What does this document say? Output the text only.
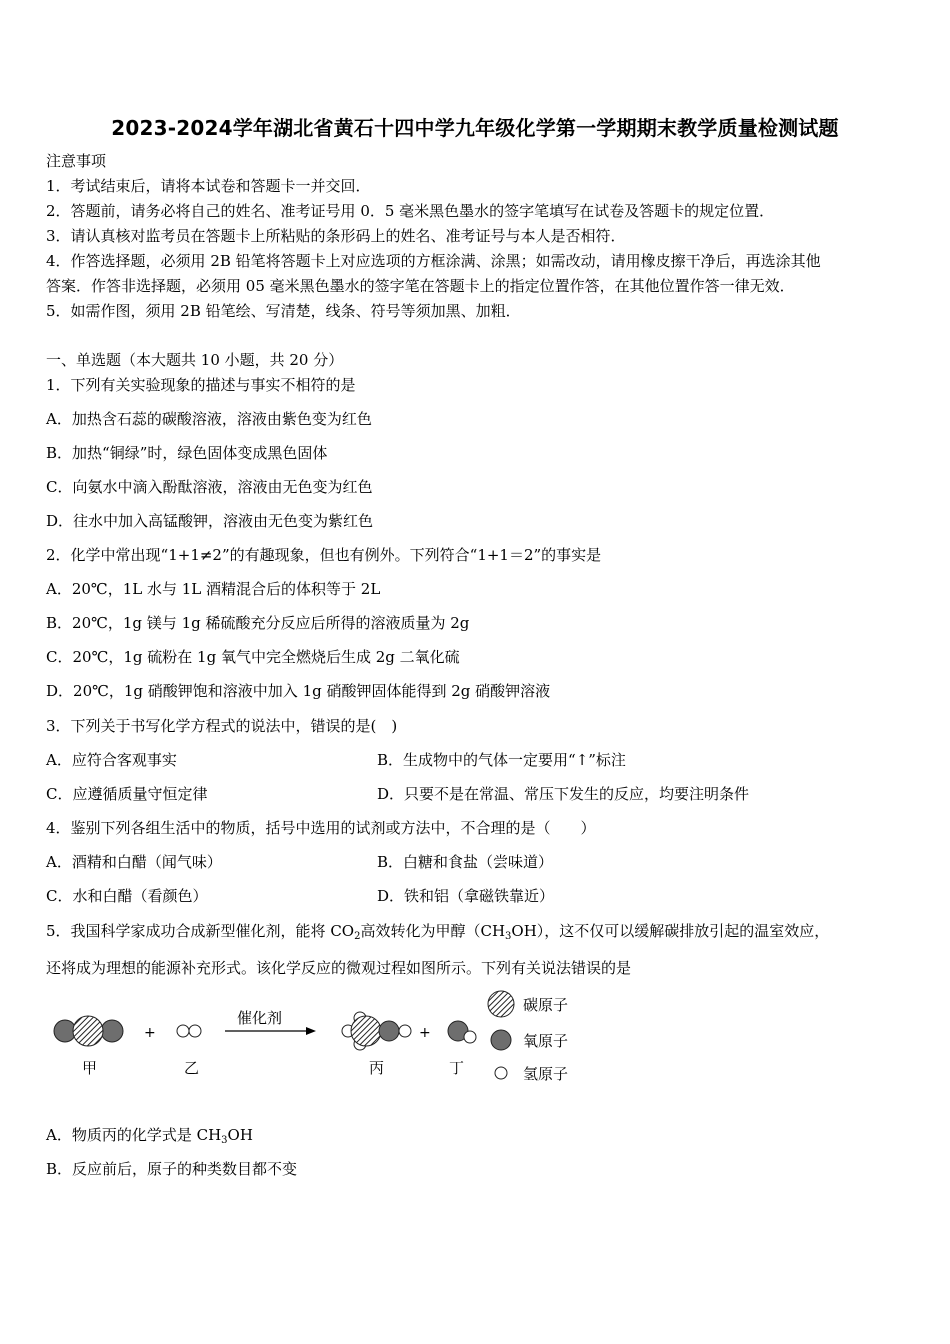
2023-2024学年湖北省黄石十四中学九年级化学第一学期期末教学质量检测试题
注意事项
1．考试结束后，请将本试卷和答题卡一并交回．
2．答题前，请务必将自己的姓名、准考证号用 0．5 毫米黑色墨水的签字笔填写在试卷及答题卡的规定位置．
3．请认真核对监考员在答题卡上所粘贴的条形码上的姓名、准考证号与本人是否相符．
4．作答选择题，必须用 2B 铅笔将答题卡上对应选项的方框涂满、涂黑；如需改动，请用橡皮擦干净后，再选涂其他
答案．作答非选择题，必须用 05 毫米黑色墨水的签字笔在答题卡上的指定位置作答，在其他位置作答一律无效．
5．如需作图，须用 2B 铅笔绘、写清楚，线条、符号等须加黑、加粗．
一、单选题（本大题共 10 小题，共 20 分）
1．下列有关实验现象的描述与事实不相符的是
A．加热含石蕊的碳酸溶液，溶液由紫色变为红色
B．加热“铜绿”时，绿色固体变成黑色固体
C．向氨水中滴入酚酞溶液，溶液由无色变为红色
D．往水中加入高锰酸钾，溶液由无色变为紫红色
2．化学中常出现“1+1≠2”的有趣现象，但也有例外。下列符合“1+1＝2”的事实是
A．20℃，1L 水与 1L 酒精混合后的体积等于 2L
B．20℃，1g 镁与 1g 稀硫酸充分反应后所得的溶液质量为 2g
C．20℃，1g 硫粉在 1g 氧气中完全燃烧后生成 2g 二氧化硫
D．20℃，1g 硝酸钾饱和溶液中加入 1g 硝酸钾固体能得到 2g 硝酸钾溶液
3．下列关于书写化学方程式的说法中，错误的是(　)
A．应符合客观事实	B．生成物中的气体一定要用“↑”标注
C．应遵循质量守恒定律	D．只要不是在常温、常压下发生的反应，均要注明条件
4．鉴别下列各组生活中的物质，括号中选用的试剂或方法中，不合理的是（　　）
A．酒精和白醋（闻气味）	B．白糖和食盐（尝味道）
C．水和白醋（看颜色）	D．铁和铝（拿磁铁靠近）
5．我国科学家成功合成新型催化剂，能将 $CO_2$高效转化为甲醇$(CH_3OH)$，这不仅可以缓解碳排放引起的温室效应，
还将成为理想的能源补充形式。该化学反应的微观过程如图所示。下列有关说法错误的是
+
催化剂
+
甲	乙	丙	丁
碳原子
氧原子
氢原子
A．物质丙的化学式是 $CH_3OH$
B．反应前后，原子的种类数目都不变
